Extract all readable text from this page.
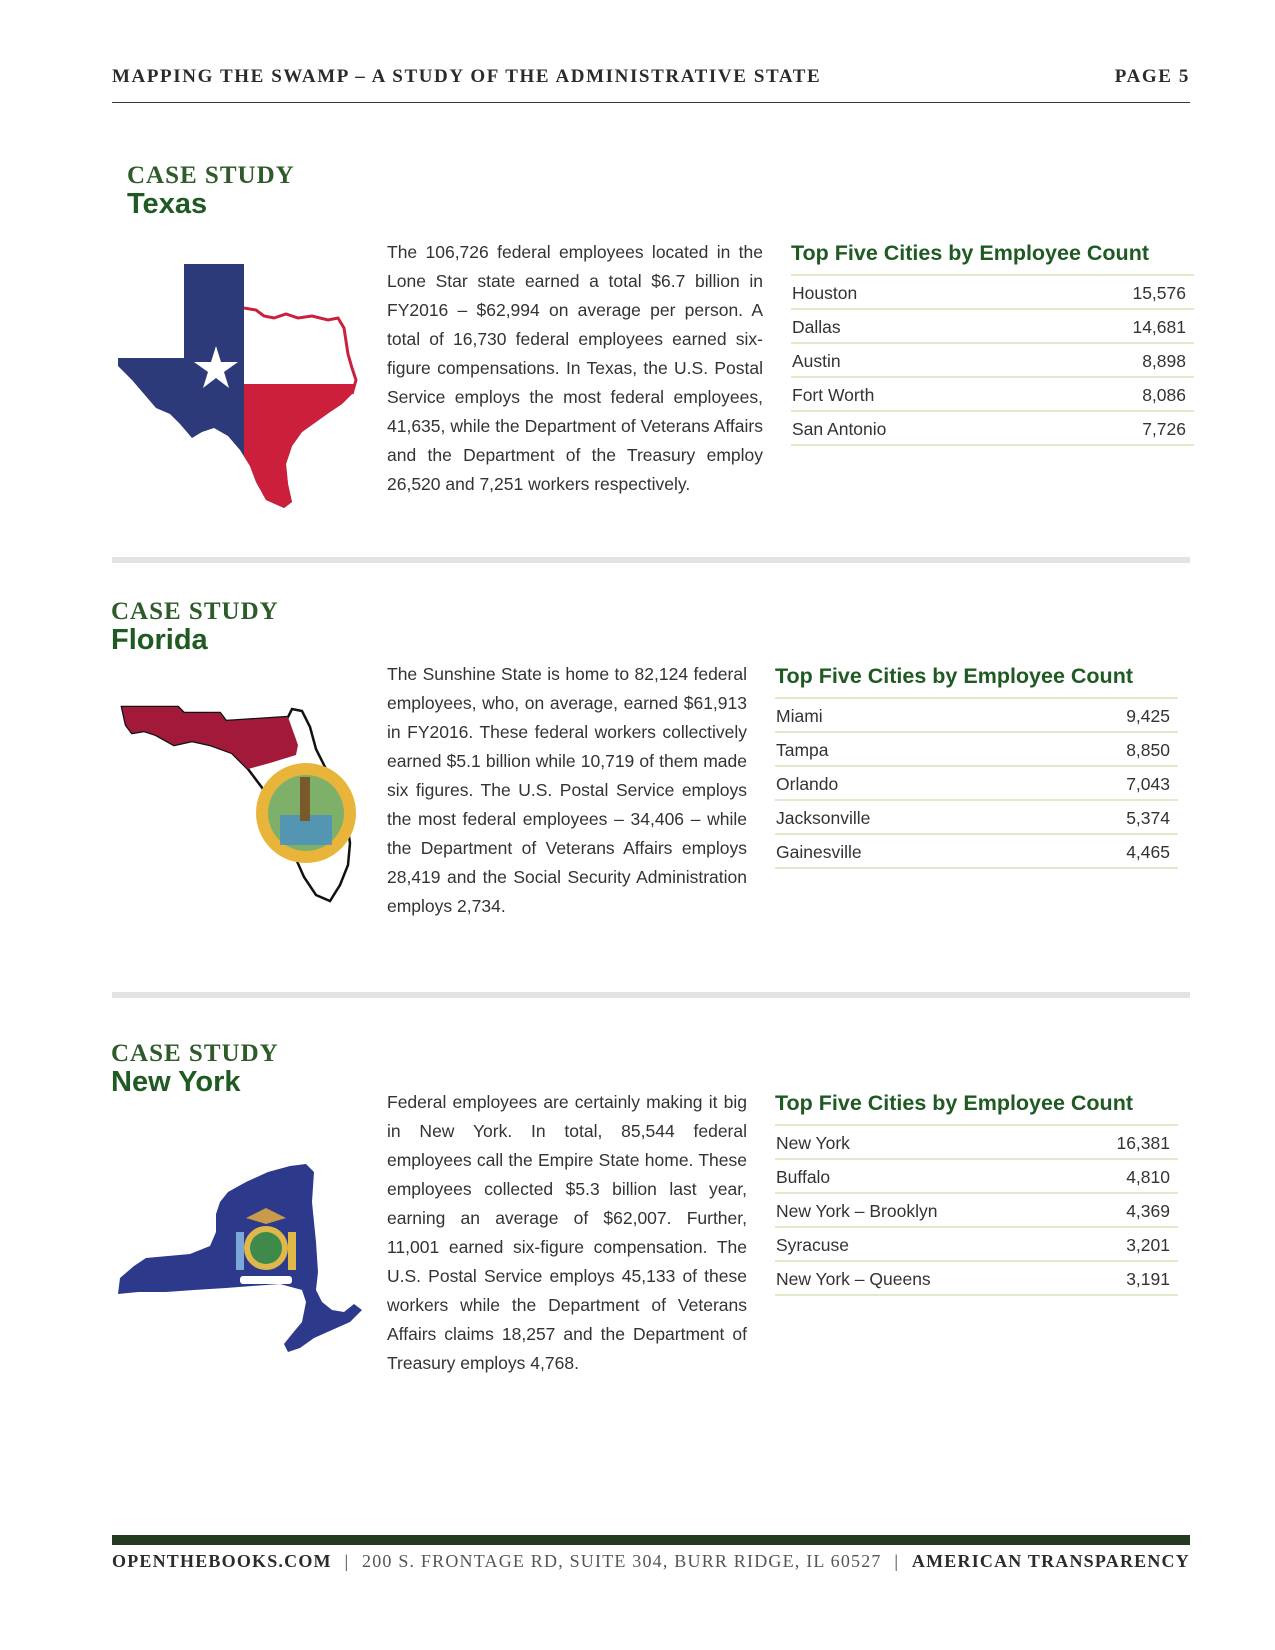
MAPPING THE SWAMP – A STUDY OF THE ADMINISTRATIVE STATE	PAGE 5
CASE STUDY
Texas
The 106,726 federal employees located in the Lone Star state earned a total $6.7 billion in FY2016 – $62,994 on average per person. A total of 16,730 federal employees earned six-figure compensations. In Texas, the U.S. Postal Service employs the most federal employees, 41,635, while the Department of Veterans Affairs and the Department of the Treasury employ 26,520 and 7,251 workers respectively.
Top Five Cities by Employee Count
Houston	15,576
Dallas	14,681
Austin	8,898
Fort Worth	8,086
San Antonio	7,726
CASE STUDY
Florida
The Sunshine State is home to 82,124 federal employees, who, on average, earned $61,913 in FY2016. These federal workers collectively earned $5.1 billion while 10,719 of them made six figures. The U.S. Postal Service employs the most federal employees – 34,406 – while the Department of Veterans Affairs employs 28,419 and the Social Security Administration employs 2,734.
Top Five Cities by Employee Count
Miami	9,425
Tampa	8,850
Orlando	7,043
Jacksonville	5,374
Gainesville	4,465
CASE STUDY
New York
Federal employees are certainly making it big in New York. In total, 85,544 federal employees call the Empire State home. These employees collected $5.3 billion last year, earning an average of $62,007. Further, 11,001 earned six-figure compensation. The U.S. Postal Service employs 45,133 of these workers while the Department of Veterans Affairs claims 18,257 and the Department of Treasury employs 4,768.
Top Five Cities by Employee Count
New York	16,381
Buffalo	4,810
New York – Brooklyn	4,369
Syracuse	3,201
New York – Queens	3,191
OPENTHEBOOKS.COM | 200 S. FRONTAGE RD, SUITE 304, BURR RIDGE, IL 60527 | AMERICAN TRANSPARENCY
